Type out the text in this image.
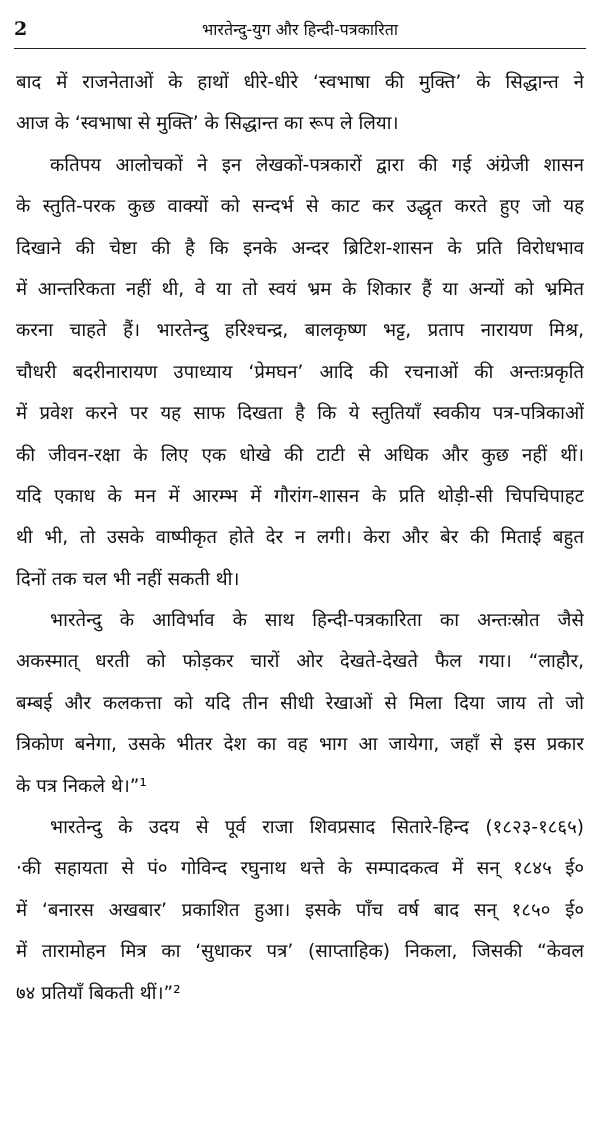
2	भारतेन्दु-युग और हिन्दी-पत्रकारिता
बाद में राजनेताओं के हाथों धीरे-धीरे ‘स्वभाषा की मुक्ति’ के सिद्धान्त ने
आज के ‘स्वभाषा से मुक्ति’ के सिद्धान्त का रूप ले लिया।
कतिपय आलोचकों ने इन लेखकों-पत्रकारों द्वारा की गई अंग्रेजी शासन
के स्तुति-परक कुछ वाक्यों को सन्दर्भ से काट कर उद्धृत करते हुए जो यह
दिखाने की चेष्टा की है कि इनके अन्दर ब्रिटिश-शासन के प्रति विरोधभाव
में आन्तरिकता नहीं थी, वे या तो स्वयं भ्रम के शिकार हैं या अन्यों को भ्रमित
करना चाहते हैं। भारतेन्दु हरिश्चन्द्र, बालकृष्ण भट्ट, प्रताप नारायण मिश्र,
चौधरी बदरीनारायण उपाध्याय ‘प्रेमघन’ आदि की रचनाओं की अन्तःप्रकृति
में प्रवेश करने पर यह साफ दिखता है कि ये स्तुतियाँ स्वकीय पत्र-पत्रिकाओं
की जीवन-रक्षा के लिए एक धोखे की टाटी से अधिक और कुछ नहीं थीं।
यदि एकाध के मन में आरम्भ में गौरांग-शासन के प्रति थोड़ी-सी चिपचिपाहट
थी भी, तो उसके वाष्पीकृत होते देर न लगी। केरा और बेर की मिताई बहुत
दिनों तक चल भी नहीं सकती थी।
भारतेन्दु के आविर्भाव के साथ हिन्दी-पत्रकारिता का अन्तःस्रोत जैसे
अकस्मात् धरती को फोड़कर चारों ओर देखते-देखते फैल गया। “लाहौर,
बम्बई और कलकत्ता को यदि तीन सीधी रेखाओं से मिला दिया जाय तो जो
त्रिकोण बनेगा, उसके भीतर देश का वह भाग आ जायेगा, जहाँ से इस प्रकार
के पत्र निकले थे।”¹
भारतेन्दु के उदय से पूर्व राजा शिवप्रसाद सितारे-हिन्द (१८२३-१८६५)
·की सहायता से पं० गोविन्द रघुनाथ थत्ते के सम्पादकत्व में सन् १८४५ ई०
में ‘बनारस अखबार’ प्रकाशित हुआ। इसके पाँच वर्ष बाद सन् १८५० ई०
में तारामोहन मित्र का ‘सुधाकर पत्र’ (साप्ताहिक) निकला, जिसकी “केवल
७४ प्रतियाँ बिकती थीं।”²
